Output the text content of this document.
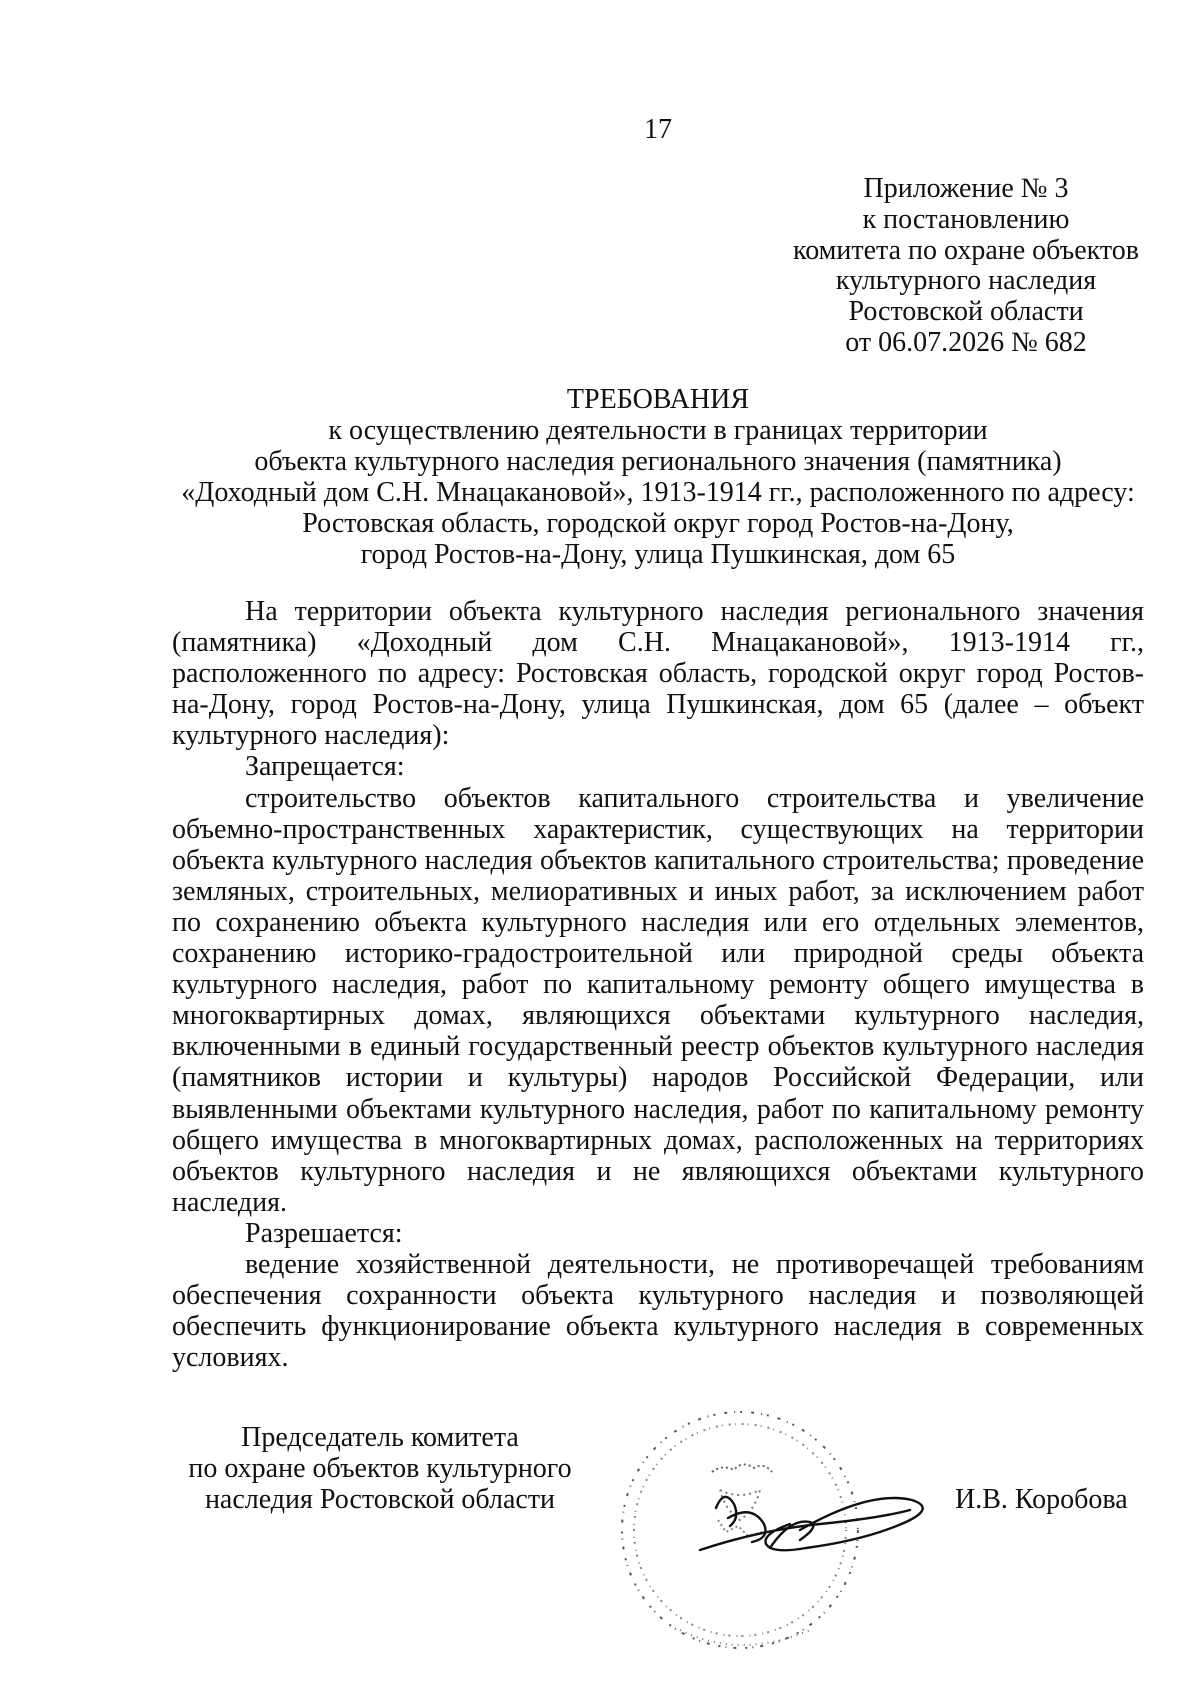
17
Приложение № 3
к постановлению
комитета по охране объектов
культурного наследия
Ростовской области
от 06.07.2026 № 682
ТРЕБОВАНИЯ
к осуществлению деятельности в границах территории
объекта культурного наследия регионального значения (памятника)
«Доходный дом С.Н. Мнацакановой», 1913-1914 гг., расположенного по адресу:
Ростовская область, городской округ город Ростов-на-Дону,
город Ростов-на-Дону, улица Пушкинская, дом 65

На территории объекта культурного наследия регионального значения (памятника) «Доходный дом С.Н. Мнацакановой», 1913-1914 гг., расположенного по адресу: Ростовская область, городской округ город Ростов-на-Дону, город Ростов-на-Дону, улица Пушкинская, дом 65 (далее – объект культурного наследия):

Запрещается:

строительство объектов капитального строительства и увеличение объемно-пространственных характеристик, существующих на территории объекта культурного наследия объектов капитального строительства; проведение земляных, строительных, мелиоративных и иных работ, за исключением работ по сохранению объекта культурного наследия или его отдельных элементов, сохранению историко-градостроительной или природной среды объекта культурного наследия, работ по капитальному ремонту общего имущества в многоквартирных домах, являющихся объектами культурного наследия, включенными в единый государственный реестр объектов культурного наследия (памятников истории и культуры) народов Российской Федерации, или выявленными объектами культурного наследия, работ по капитальному ремонту общего имущества в многоквартирных домах, расположенных на территориях объектов культурного наследия и не являющихся объектами культурного наследия.

Разрешается:

ведение хозяйственной деятельности, не противоречащей требованиям обеспечения сохранности объекта культурного наследия и позволяющей обеспечить функционирование объекта культурного наследия в современных условиях.

Председатель комитета
по охране объектов культурного
наследия Ростовской области	И.В. Коробова
